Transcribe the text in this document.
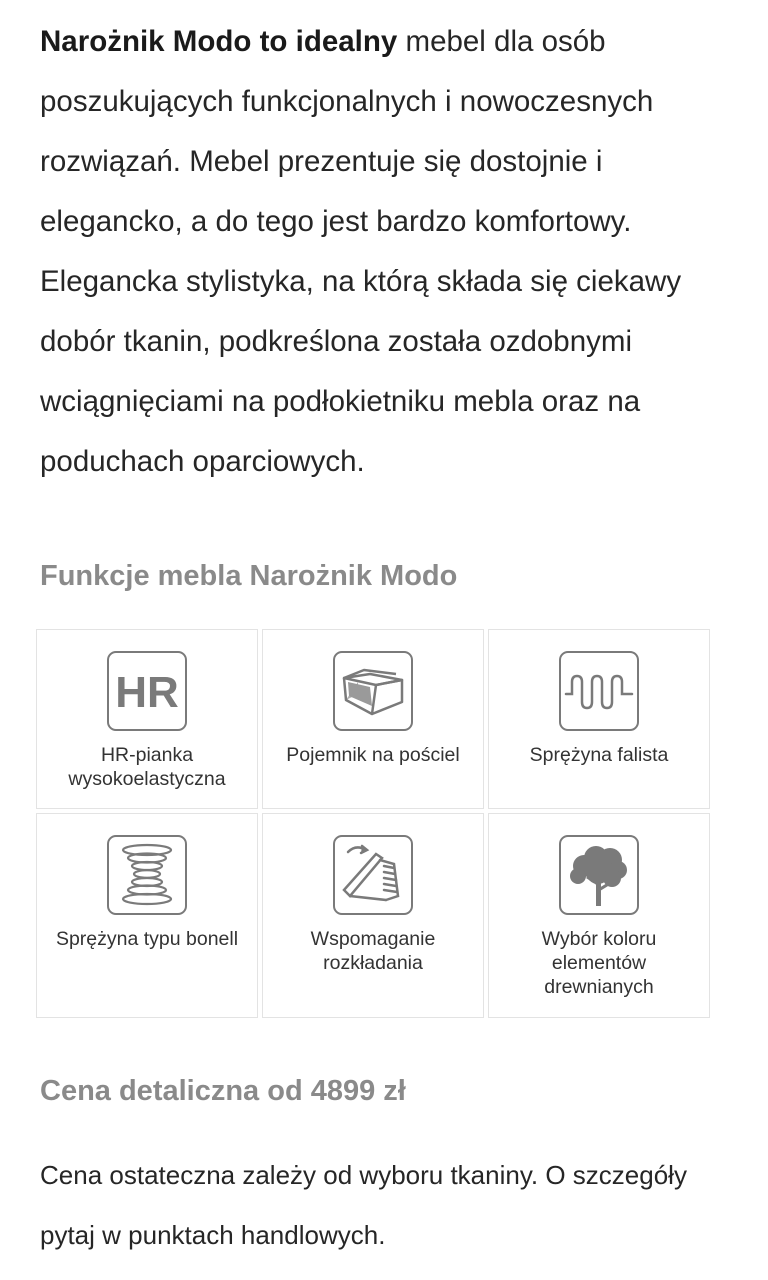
Narożnik Modo to idealny mebel dla osób poszukujących funkcjonalnych i nowoczesnych rozwiązań. Mebel prezentuje się dostojnie i elegancko, a do tego jest bardzo komfortowy. Elegancka stylistyka, na którą składa się ciekawy dobór tkanin, podkreślona została ozdobnymi wciągnięciami na podłokietniku mebla oraz na poduchach oparciowych.
Funkcje mebla Narożnik Modo
HR
HR-pianka wysokoelastyczna
Pojemnik na pościel	Sprężyna falista
Sprężyna typu bonell	Wspomaganie rozkładania
Wybór koloru elementów drewnianych
Cena detaliczna od 4899 zł

Cena ostateczna zależy od wyboru tkaniny. O szczegóły pytaj w punktach handlowych.
